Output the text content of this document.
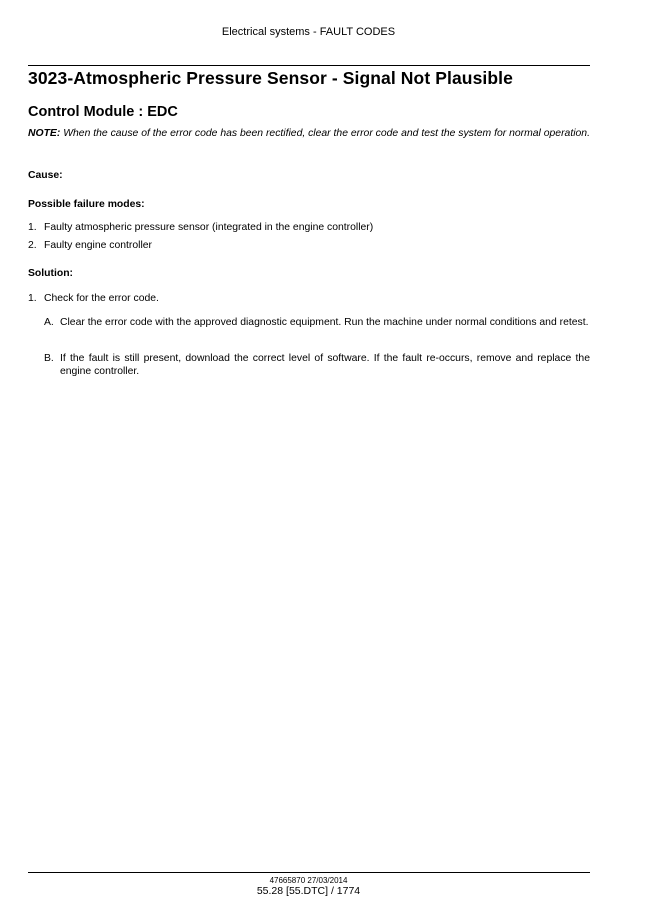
Electrical systems - FAULT CODES
3023-Atmospheric Pressure Sensor - Signal Not Plausible
Control Module : EDC
NOTE: When the cause of the error code has been rectified, clear the error code and test the system for normal operation.
Cause:
Possible failure modes:
1. Faulty atmospheric pressure sensor (integrated in the engine controller)
2. Faulty engine controller
Solution:
1. Check for the error code.
A. Clear the error code with the approved diagnostic equipment. Run the machine under normal conditions and retest.
B. If the fault is still present, download the correct level of software. If the fault re-occurs, remove and replace the engine controller.
47665870 27/03/2014
55.28 [55.DTC] / 1774
